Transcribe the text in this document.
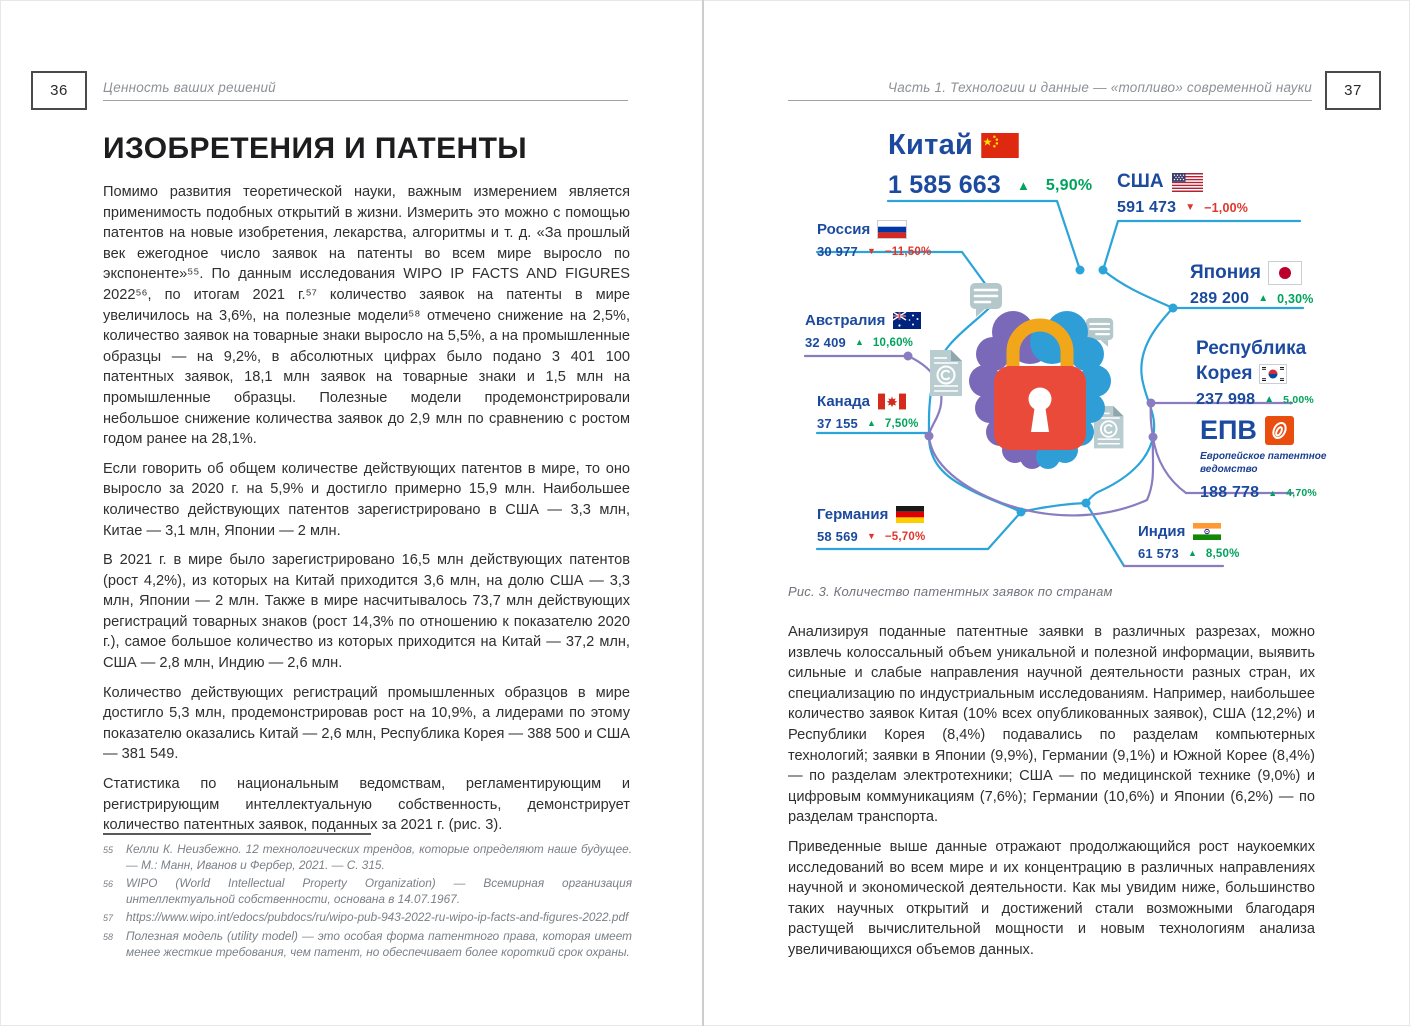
36	Ценность ваших решений
ИЗОБРЕТЕНИЯ И ПАТЕНТЫ

Помимо развития теоретической науки, важным измерением является применимость подобных открытий в жизни. Измерить это можно с помощью патентов на новые изобретения, лекарства, алгоритмы и т. д. «За прошлый век ежегодное число заявок на патенты во всем мире выросло по экспоненте»⁵⁵. По данным исследования WIPO IP FACTS AND FIGURES 2022⁵⁶, по итогам 2021 г.⁵⁷ количество заявок на патенты в мире увеличилось на 3,6%, на полезные модели⁵⁸ отмечено снижение на 2,5%, количество заявок на товарные знаки выросло на 5,5%, а на промышленные образцы — на 9,2%, в абсолютных цифрах было подано 3 401 100 патентных заявок, 18,1 млн заявок на товарные знаки и 1,5 млн на промышленные образцы. Полезные модели продемонстрировали небольшое снижение количества заявок до 2,9 млн по сравнению с ростом годом ранее на 28,1%.

Если говорить об общем количестве действующих патентов в мире, то оно выросло за 2020 г. на 5,9% и достигло примерно 15,9 млн. Наибольшее количество действующих патентов зарегистрировано в США — 3,3 млн, Китае — 3,1 млн, Японии — 2 млн.

В 2021 г. в мире было зарегистрировано 16,5 млн действующих патентов (рост 4,2%), из которых на Китай приходится 3,6 млн, на долю США — 3,3 млн, Японии — 2 млн. Также в мире насчитывалось 73,7 млн действующих регистраций товарных знаков (рост 14,3% по отношению к показателю 2020 г.), самое большое количество из которых приходится на Китай — 37,2 млн, США — 2,8 млн, Индию — 2,6 млн.

Количество действующих регистраций промышленных образцов в мире достигло 5,3 млн, продемонстрировав рост на 10,9%, а лидерами по этому показателю оказались Китай — 2,6 млн, Республика Корея — 388 500 и США — 381 549.

Статистика по национальным ведомствам, регламентирующим и регистрирующим интеллектуальную собственность, демонстрирует количество патентных заявок, поданных за 2021 г. (рис. 3).

55	Келли К. Неизбежно. 12 технологических трендов, которые определяют наше будущее. — М.: Манн, Иванов и Фербер, 2021. — С. 315.
56	WIPO (World Intellectual Property Organization) — Всемирная организация интеллектуальной собственности, основана в 14.07.1967.
57	https://www.wipo.int/edocs/pubdocs/ru/wipo-pub-943-2022-ru-wipo-ip-facts-and-figures-2022.pdf
58	Полезная модель (utility model) — это особая форма патентного права, которая имеет менее жесткие требования, чем патент, но обеспечивает более короткий срок охраны.
Часть 1. Технологии и данные — «топливо» современной науки 37
Китай
1 585 663 ▲ 5,90% США
591 473 ▼ −1,00%
Россия
30 977 ▼ −11,50%
Япония
289 200 ▲ 0,30%
Австралия
32 409 ▲ 10,60%	Республика
Корея
237 998 ▲ 5,00%
Канада
37 155 ▲ 7,50%	ЕПВ
Европейское патентное
ведомство
188 778 ▲ 4,70%
Германия
58 569 ▼ −5,70%	Индия
61 573 ▲ 8,50%
Рис. 3. Количество патентных заявок по странам

Анализируя поданные патентные заявки в различных разрезах, можно извлечь колоссальный объем уникальной и полезной информации, выявить сильные и слабые направления научной деятельности разных стран, их специализацию по индустриальным исследованиям. Например, наибольшее количество заявок Китая (10% всех опубликованных заявок), США (12,2%) и Республики Корея (8,4%) подавались по разделам компьютерных технологий; заявки в Японии (9,9%), Германии (9,1%) и Южной Корее (8,4%) — по разделам электротехники; США — по медицинской технике (9,0%) и цифровым коммуникациям (7,6%); Германии (10,6%) и Японии (6,2%) — по разделам транспорта.

Приведенные выше данные отражают продолжающийся рост наукоемких исследований во всем мире и их концентрацию в различных направлениях научной и экономической деятельности. Как мы увидим ниже, большинство таких научных открытий и достижений стали возможными благодаря растущей вычислительной мощности и новым технологиям анализа увеличивающихся объемов данных.
